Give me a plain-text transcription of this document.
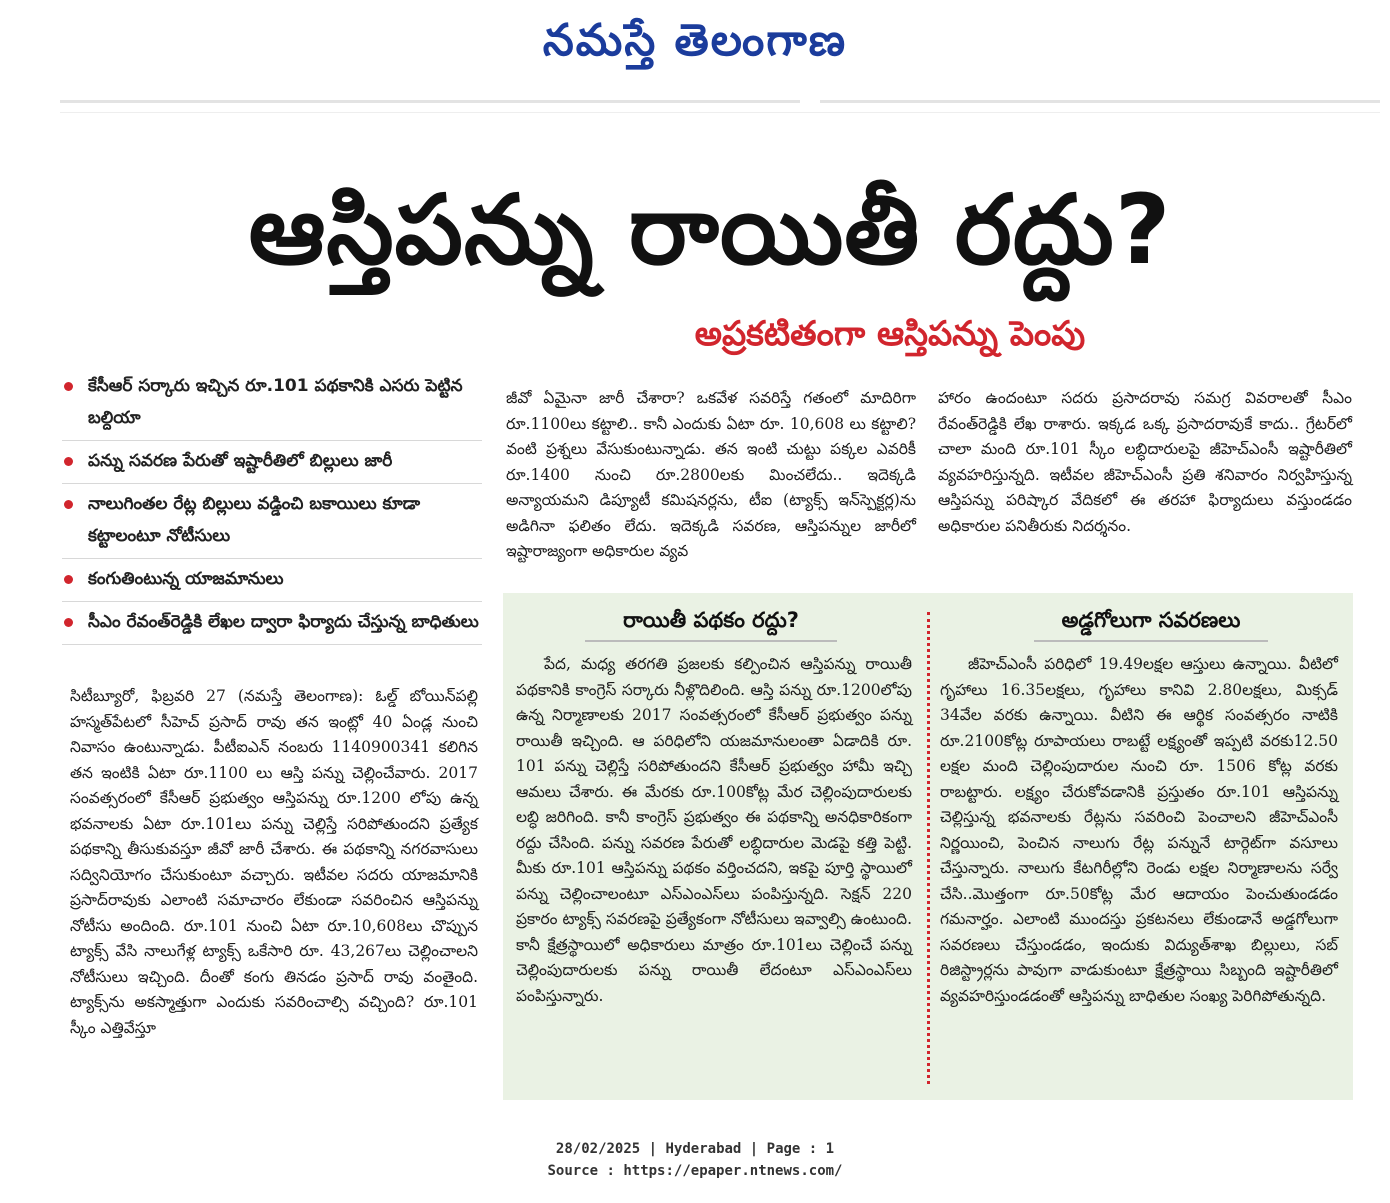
నమస్తే తెలంగాణ
ఆస్తిపన్ను రాయితీ రద్దు?
అప్రకటితంగా ఆస్తిపన్ను పెంపు
కేసీఆర్ సర్కారు ఇచ్చిన రూ.101 పథకానికి ఎసరు పెట్టిన బల్దియా
పన్ను సవరణ పేరుతో ఇష్టారీతిలో బిల్లులు జారీ
నాలుగింతల రేట్ల బిల్లులు వడ్డించి బకాయిలు కూడా కట్టాలంటూ నోటీసులు
కంగుతింటున్న యాజమానులు
సీఎం రేవంత్‌రెడ్డికి లేఖల ద్వారా ఫిర్యాదు చేస్తున్న బాధితులు

సిటీబ్యూరో, ఫిబ్రవరి 27 (నమస్తే తెలంగాణ): ఓల్డ్ బోయిన్‌పల్లి హస్మత్‌పేటలో సీహెచ్ ప్రసాద్ రావు తన ఇంట్లో 40 ఏండ్ల నుంచి నివాసం ఉంటున్నాడు. పీటీఐఎన్ నంబరు 1140900341 కలిగిన తన ఇంటికి ఏటా రూ.1100 లు ఆస్తి పన్ను చెల్లించేవారు. 2017 సంవత్సరంలో కేసీఆర్ ప్రభుత్వం ఆస్తిపన్ను రూ.1200 లోపు ఉన్న భవనాలకు ఏటా రూ.101లు పన్ను చెల్లిస్తే సరిపోతుందని ప్రత్యేక పథకాన్ని తీసుకువస్తూ జీవో జారీ చేశారు. ఈ పథకాన్ని నగరవాసులు సద్వినియోగం చేసుకుంటూ వచ్చారు. ఇటీవల సదరు యాజమానికి ప్రసాద్‌రావుకు ఎలాంటి సమాచారం లేకుండా సవరించిన ఆస్తిపన్ను నోటీసు అందింది. రూ.101 నుంచి ఏటా రూ.10,608లు చొప్పున ట్యాక్స్ వేసి నాలుగేళ్ల ట్యాక్స్ ఒకేసారి రూ. 43,267లు చెల్లించాలని నోటీసులు ఇచ్చింది. దీంతో కంగు తినడం ప్రసాద్ రావు వంతైంది. ట్యాక్స్‌ను అకస్మాత్తుగా ఎందుకు సవరించాల్సి వచ్చింది? రూ.101 స్కీం ఎత్తివేస్తూ

జీవో ఏమైనా జారీ చేశారా? ఒకవేళ సవరిస్తే గతంలో మాదిరిగా రూ.1100లు కట్టాలి.. కానీ ఎందుకు ఏటా రూ. 10,608 లు కట్టాలి? వంటి ప్రశ్నలు వేసుకుంటున్నాడు. తన ఇంటి చుట్టు పక్కల ఎవరికీ రూ.1400 నుంచి రూ.2800లకు మించలేదు.. ఇదెక్కడి అన్యాయమని డిప్యూటీ కమిషనర్లను, టీఐ (ట్యాక్స్ ఇన్‌స్పెక్టర్ల)ను అడిగినా ఫలితం లేదు. ఇదెక్కడి సవరణ, ఆస్తిపన్నుల జారీలో ఇష్టారాజ్యంగా అధికారుల వ్యవ

హారం ఉందంటూ సదరు ప్రసాదరావు సమగ్ర వివరాలతో సీఎం రేవంత్‌రెడ్డికి లేఖ రాశారు. ఇక్కడ ఒక్క ప్రసాదరావుకే కాదు.. గ్రేటర్‌లో చాలా మంది రూ.101 స్కీం లబ్ధిదారులపై జీహెచ్ఎంసీ ఇష్టారీతిలో వ్యవహరిస్తున్నది. ఇటీవల జీహెచ్ఎంసీ ప్రతి శనివారం నిర్వహిస్తున్న ఆస్తిపన్ను పరిష్కార వేదికలో ఈ తరహా ఫిర్యాదులు వస్తుండడం అధికారుల పనితీరుకు నిదర్శనం.

రాయితీ పథకం రద్దు?	అడ్డగోలుగా సవరణలు

పేద, మధ్య తరగతి ప్రజలకు కల్పించిన ఆస్తిపన్ను రాయితీ పథకానికి కాంగ్రెస్ సర్కారు నీళ్లొదిలింది. ఆస్తి పన్ను రూ.1200లోపు ఉన్న నిర్మాణాలకు 2017 సంవత్సరంలో కేసీఆర్ ప్రభుత్వం పన్ను రాయితీ ఇచ్చింది. ఆ పరిధిలోని యజమానులంతా ఏడాదికి రూ. 101 పన్ను చెల్లిస్తే సరిపోతుందని కేసీఆర్ ప్రభుత్వం హామీ ఇచ్చి ఆమలు చేశారు. ఈ మేరకు రూ.100కోట్ల మేర చెల్లింపుదారులకు లబ్ధి జరిగింది. కానీ కాంగ్రెస్ ప్రభుత్వం ఈ పథకాన్ని అనధికారికంగా రద్దు చేసింది. పన్ను సవరణ పేరుతో లబ్ధిదారుల మెడపై కత్తి పెట్టి. మీకు రూ.101 ఆస్తిపన్ను పథకం వర్తించదని, ఇకపై పూర్తి స్థాయిలో పన్ను చెల్లించాలంటూ ఎస్ఎంఎస్‌లు పంపిస్తున్నది. సెక్షన్ 220 ప్రకారం ట్యాక్స్ సవరణపై ప్రత్యేకంగా నోటీసులు ఇవ్వాల్సి ఉంటుంది. కానీ క్షేత్రస్థాయిలో అధికారులు మాత్రం రూ.101లు చెల్లించే పన్ను చెల్లింపుదారులకు పన్ను రాయితీ లేదంటూ ఎస్ఎంఎస్‌లు పంపిస్తున్నారు.

జీహెచ్ఎంసీ పరిధిలో 19.49లక్షల ఆస్తులు ఉన్నాయి. వీటిలో గృహాలు 16.35లక్షలు, గృహాలు కానివి 2.80లక్షలు, మిక్సడ్ 34వేల వరకు ఉన్నాయి. వీటిని ఈ ఆర్థిక సంవత్సరం నాటికి రూ.2100కోట్ల రూపాయలు రాబట్టే లక్ష్యంతో ఇప్పటి వరకు12.50 లక్షల మంది చెల్లింపుదారుల నుంచి రూ. 1506 కోట్ల వరకు రాబట్టారు. లక్ష్యం చేరుకోవడానికి ప్రస్తుతం రూ.101 ఆస్తిపన్ను చెల్లిస్తున్న భవనాలకు రేట్లను సవరించి పెంచాలని జీహెచ్ఎంసీ నిర్ణయించి, పెంచిన నాలుగు రేట్ల పన్నునే టార్గెట్‌గా వసూలు చేస్తున్నారు. నాలుగు కేటగిరీల్లోని రెండు లక్షల నిర్మాణాలను సర్వే చేసి..మొత్తంగా రూ.50కోట్ల మేర ఆదాయం పెంచుతుండడం గమనార్హం. ఎలాంటి ముందస్తు ప్రకటనలు లేకుండానే అడ్డగోలుగా సవరణలు చేస్తుండడం, ఇందుకు విద్యుత్‌శాఖ బిల్లులు, సబ్ రిజిస్ట్రార్లను పావుగా వాడుకుంటూ క్షేత్రస్థాయి సిబ్బంది ఇష్టారీతిలో వ్యవహరిస్తుండడంతో ఆస్తిపన్ను బాధితుల సంఖ్య పెరిగిపోతున్నది.

28/02/2025 | Hyderabad | Page : 1
Source : https://epaper.ntnews.com/
